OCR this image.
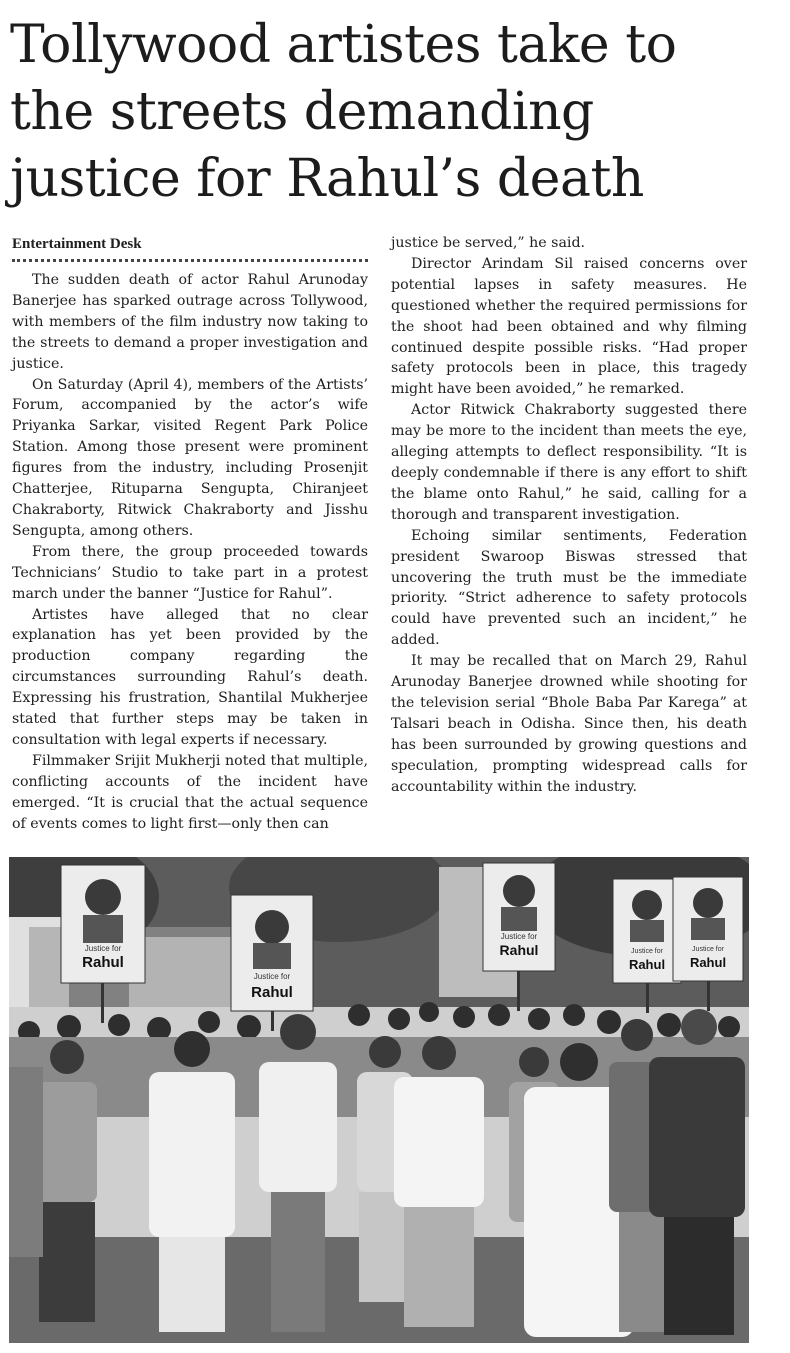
Tollywood artistes take to the streets demanding justice for Rahul’s death
Entertainment Desk

The sudden death of actor Rahul Arunoday Banerjee has sparked outrage across Tollywood, with members of the film industry now taking to the streets to demand a proper investigation and justice.

On Saturday (April 4), members of the Artists’ Forum, accompanied by the actor’s wife Priyanka Sarkar, visited Regent Park Police Station. Among those present were prominent figures from the industry, including Prosenjit Chatterjee, Rituparna Sengupta, Chiranjeet Chakraborty, Ritwick Chakraborty and Jisshu Sengupta, among others.

From there, the group proceeded towards Technicians’ Studio to take part in a protest march under the banner “Justice for Rahul”.

Artistes have alleged that no clear explanation has yet been provided by the production company regarding the circumstances surrounding Rahul’s death. Expressing his frustration, Shantilal Mukherjee stated that further steps may be taken in consultation with legal experts if necessary.

Filmmaker Srijit Mukherji noted that multiple, conflicting accounts of the incident have emerged. “It is crucial that the actual sequence of events comes to light first—only then can

justice be served,” he said.

Director Arindam Sil raised concerns over potential lapses in safety measures. He questioned whether the required permissions for the shoot had been obtained and why filming continued despite possible risks. “Had proper safety protocols been in place, this tragedy might have been avoided,” he remarked.

Actor Ritwick Chakraborty suggested there may be more to the incident than meets the eye, alleging attempts to deflect responsibility. “It is deeply condemnable if there is any effort to shift the blame onto Rahul,” he said, calling for a thorough and transparent investigation.

Echoing similar sentiments, Federation president Swaroop Biswas stressed that uncovering the truth must be the immediate priority. “Strict adherence to safety protocols could have prevented such an incident,” he added.

It may be recalled that on March 29, Rahul Arunoday Banerjee drowned while shooting for the television serial “Bhole Baba Par Karega” at Talsari beach in Odisha. Since then, his death has been surrounded by growing questions and speculation, prompting widespread calls for accountability within the industry.

Justice for
Rahul
Justice for
Rahul
Justice for
Rahul	Justice for
Rahul
Justice for
Rahul
